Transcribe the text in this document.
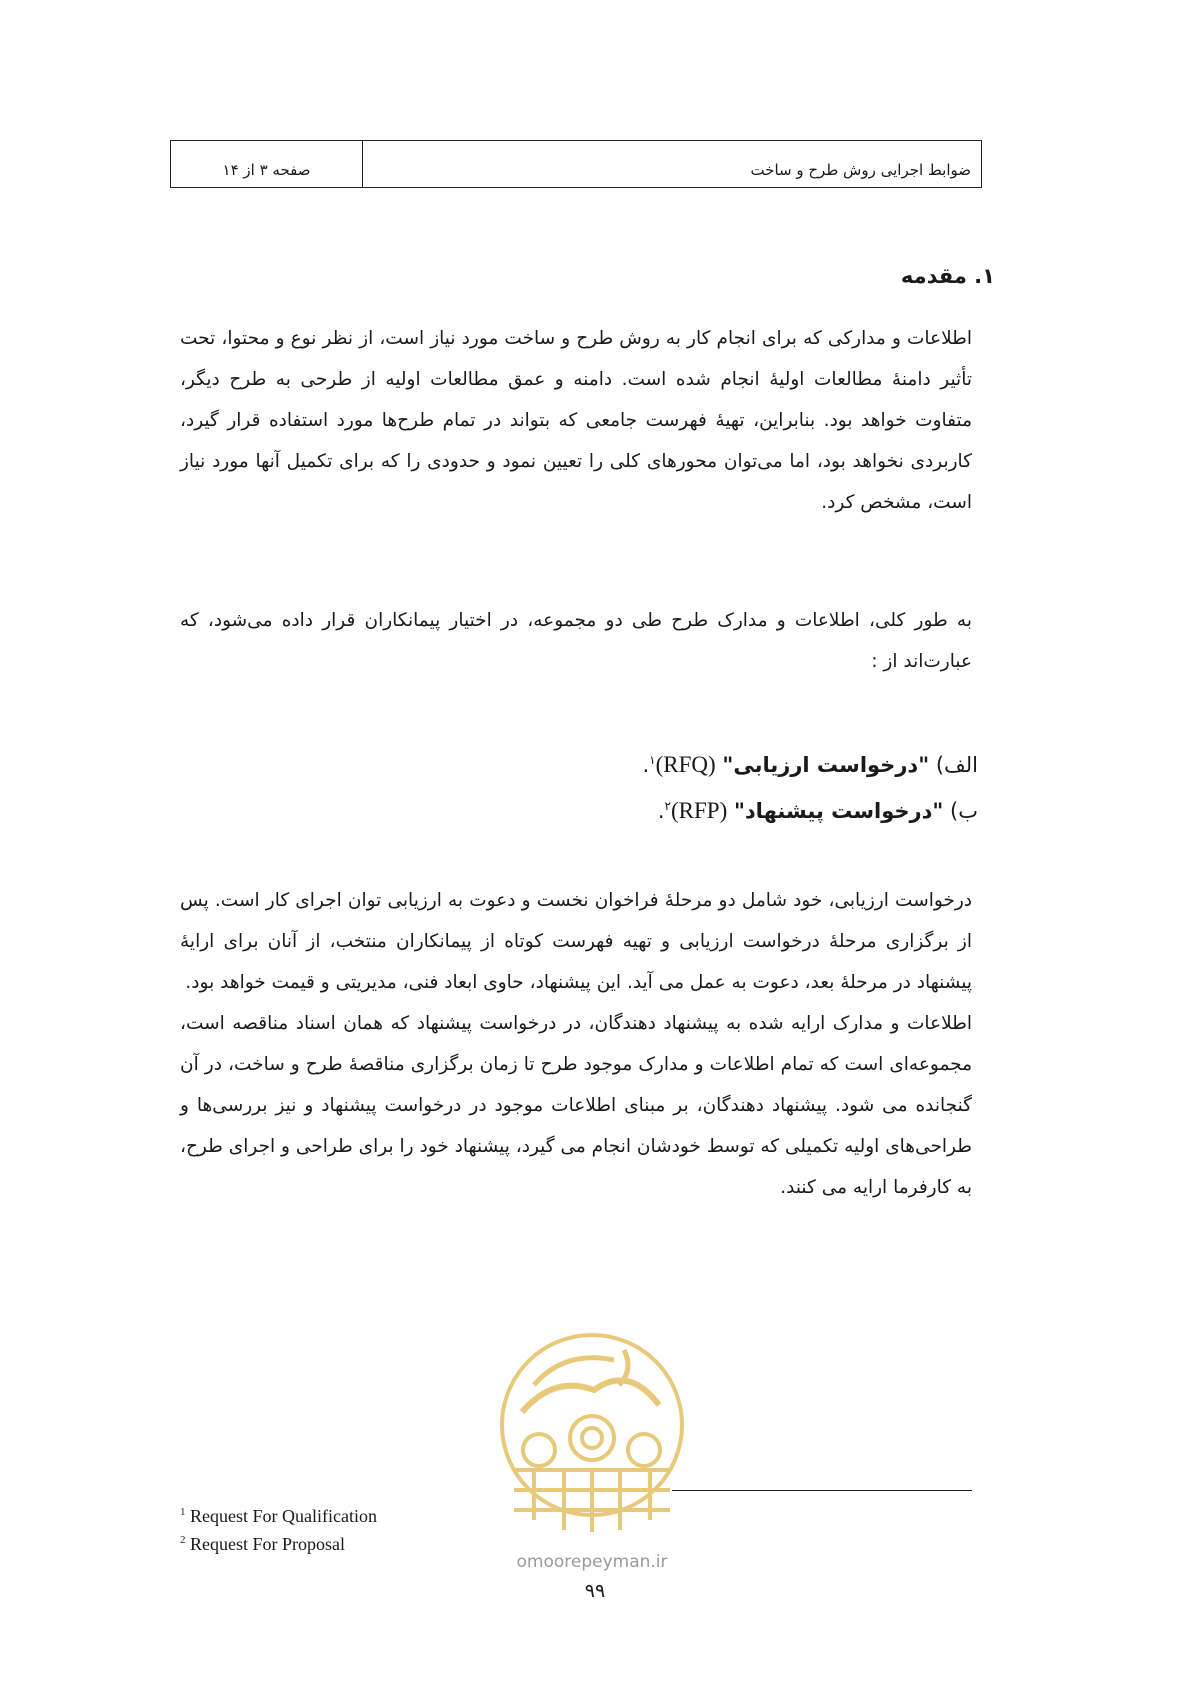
صفحه ۳ از ۱۴	ضوابط اجرایی روش طرح و ساخت
۱. مقدمه

اطلاعات و مدارکی که برای انجام کار به روش طرح و ساخت مورد نیاز است، از نظر نوع و محتوا، تحت تأثیر دامنهٔ مطالعات اولیهٔ انجام شده است. دامنه و عمق مطالعات اولیه از طرحی به طرح دیگر، متفاوت خواهد بود. بنابراین، تهیهٔ فهرست جامعی که بتواند در تمام طرح‌ها مورد استفاده قرار گیرد، کاربردی نخواهد بود، اما می‌توان محورهای کلی را تعیین نمود و حدودی را که برای تکمیل آنها مورد نیاز است، مشخص کرد.

به طور کلی، اطلاعات و مدارک طرح طی دو مجموعه، در اختیار پیمانکاران قرار داده می‌شود، که عبارت‌اند از :

الف) "درخواست ارزیابی" (RFQ)$^۱$.
ب) "درخواست پیشنهاد" (RFP)$^۲$.

درخواست ارزیابی، خود شامل دو مرحلهٔ فراخوان نخست و دعوت به ارزیابی توان اجرای کار است. پس از برگزاری مرحلهٔ درخواست ارزیابی و تهیه فهرست کوتاه از پیمانکاران منتخب، از آنان برای ارایهٔ پیشنهاد در مرحلهٔ بعد، دعوت به عمل می آید. این پیشنهاد، حاوی ابعاد فنی، مدیریتی و قیمت خواهد بود.

اطلاعات و مدارک ارایه شده به پیشنهاد دهندگان، در درخواست پیشنهاد که همان اسناد مناقصه است، مجموعه‌ای است که تمام اطلاعات و مدارک موجود طرح تا زمان برگزاری مناقصهٔ طرح و ساخت، در آن گنجانده می شود. پیشنهاد دهندگان، بر مبنای اطلاعات موجود در درخواست پیشنهاد و نیز بررسی‌ها و طراحی‌های اولیه تکمیلی که توسط خودشان انجام می گیرد، پیشنهاد خود را برای طراحی و اجرای طرح، به کارفرما ارایه می کنند.

omoorepeyman.ir
$^1$ Request For Qualification
$^2$ Request For Proposal
۹۹
